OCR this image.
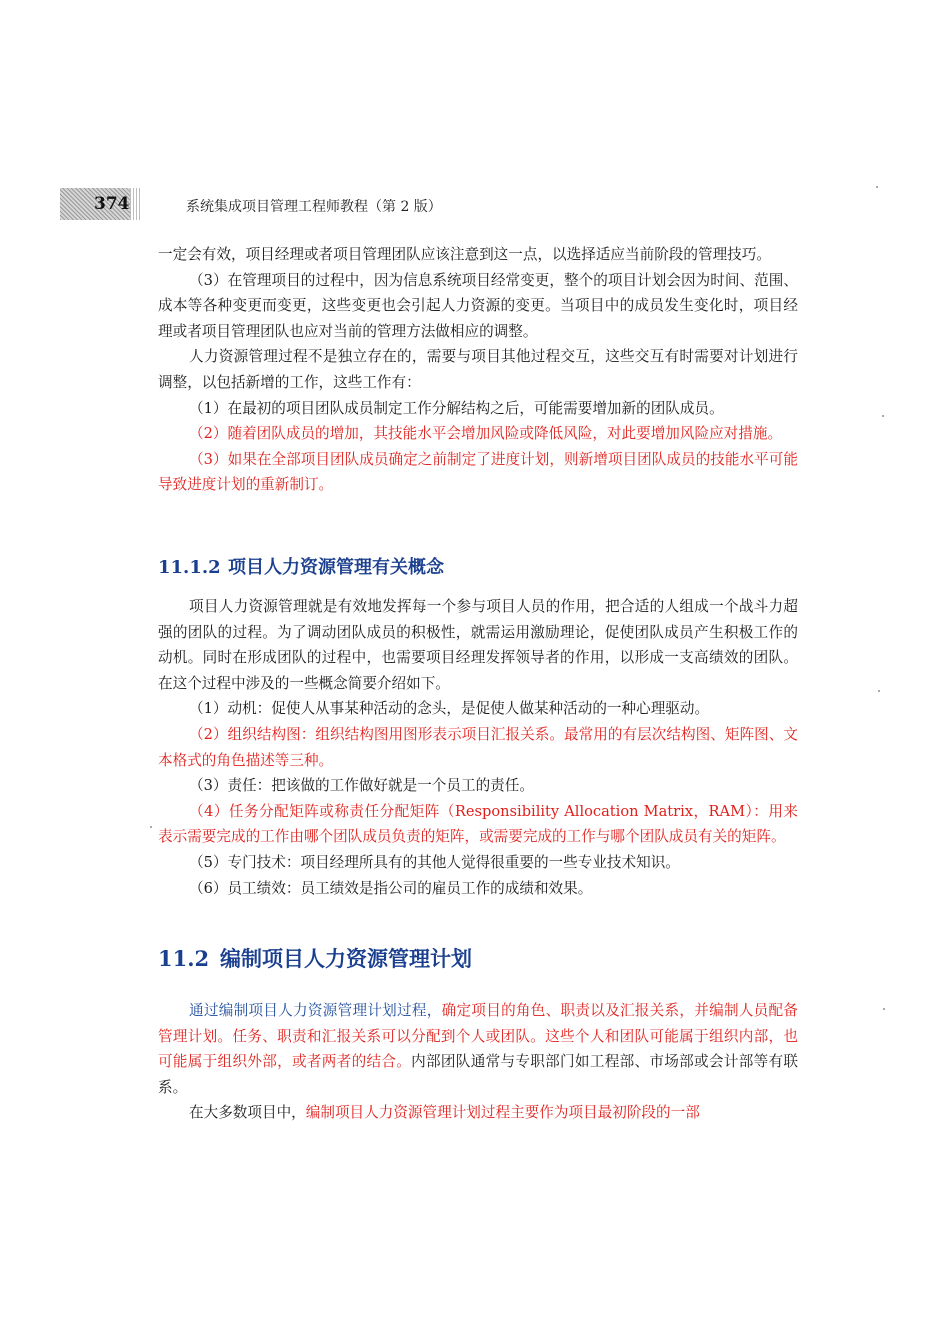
374	系统集成项目管理工程师教程（第 2 版）

一定会有效，项目经理或者项目管理团队应该注意到这一点，以选择适应当前阶段的管理技巧。

（3）在管理项目的过程中，因为信息系统项目经常变更，整个的项目计划会因为时间、范围、成本等各种变更而变更，这些变更也会引起人力资源的变更。当项目中的成员发生变化时，项目经理或者项目管理团队也应对当前的管理方法做相应的调整。

人力资源管理过程不是独立存在的，需要与项目其他过程交互，这些交互有时需要对计划进行调整，以包括新增的工作，这些工作有：

（1）在最初的项目团队成员制定工作分解结构之后，可能需要增加新的团队成员。

（2）随着团队成员的增加，其技能水平会增加风险或降低风险，对此要增加风险应对措施。

（3）如果在全部项目团队成员确定之前制定了进度计划，则新增项目团队成员的技能水平可能导致进度计划的重新制订。

11.1.2 项目人力资源管理有关概念

项目人力资源管理就是有效地发挥每一个参与项目人员的作用，把合适的人组成一个战斗力超强的团队的过程。为了调动团队成员的积极性，就需运用激励理论，促使团队成员产生积极工作的动机。同时在形成团队的过程中，也需要项目经理发挥领导者的作用，以形成一支高绩效的团队。在这个过程中涉及的一些概念简要介绍如下。

（1）动机：促使人从事某种活动的念头，是促使人做某种活动的一种心理驱动。

（2）组织结构图：组织结构图用图形表示项目汇报关系。最常用的有层次结构图、矩阵图、文本格式的角色描述等三种。

（3）责任：把该做的工作做好就是一个员工的责任。

（4）任务分配矩阵或称责任分配矩阵（Responsibility Allocation Matrix，RAM）：用来表示需要完成的工作由哪个团队成员负责的矩阵，或需要完成的工作与哪个团队成员有关的矩阵。

（5）专门技术：项目经理所具有的其他人觉得很重要的一些专业技术知识。

（6）员工绩效：员工绩效是指公司的雇员工作的成绩和效果。

11.2 编制项目人力资源管理计划

通过编制项目人力资源管理计划过程，确定项目的角色、职责以及汇报关系，并编制人员配备管理计划。任务、职责和汇报关系可以分配到个人或团队。这些个人和团队可能属于组织内部，也可能属于组织外部，或者两者的结合。内部团队通常与专职部门如工程部、市场部或会计部等有联系。

在大多数项目中，编制项目人力资源管理计划过程主要作为项目最初阶段的一部
